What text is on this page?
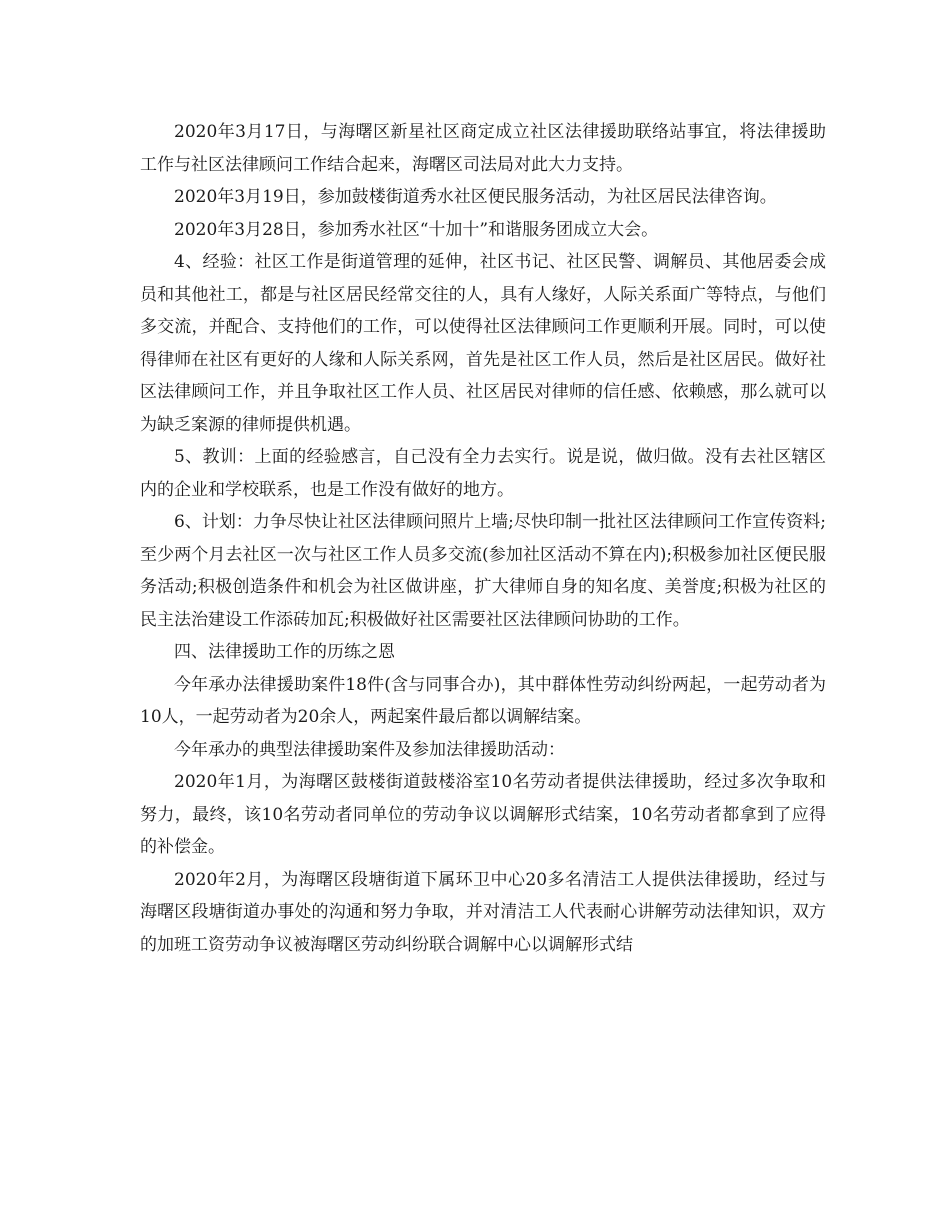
2020年3月17日，与海曙区新星社区商定成立社区法律援助联络站事宜，将法律援助工作与社区法律顾问工作结合起来，海曙区司法局对此大力支持。

2020年3月19日，参加鼓楼街道秀水社区便民服务活动，为社区居民法律咨询。

2020年3月28日，参加秀水社区“十加十”和谐服务团成立大会。

4、经验：社区工作是街道管理的延伸，社区书记、社区民警、调解员、其他居委会成员和其他社工，都是与社区居民经常交往的人，具有人缘好，人际关系面广等特点，与他们多交流，并配合、支持他们的工作，可以使得社区法律顾问工作更顺利开展。同时，可以使得律师在社区有更好的人缘和人际关系网，首先是社区工作人员，然后是社区居民。做好社区法律顾问工作，并且争取社区工作人员、社区居民对律师的信任感、依赖感，那么就可以为缺乏案源的律师提供机遇。

5、教训：上面的经验感言，自己没有全力去实行。说是说，做归做。没有去社区辖区内的企业和学校联系，也是工作没有做好的地方。

6、计划：力争尽快让社区法律顾问照片上墙;尽快印制一批社区法律顾问工作宣传资料;至少两个月去社区一次与社区工作人员多交流(参加社区活动不算在内);积极参加社区便民服务活动;积极创造条件和机会为社区做讲座，扩大律师自身的知名度、美誉度;积极为社区的民主法治建设工作添砖加瓦;积极做好社区需要社区法律顾问协助的工作。

四、法律援助工作的历练之恩

今年承办法律援助案件18件(含与同事合办)，其中群体性劳动纠纷两起，一起劳动者为10人，一起劳动者为20余人，两起案件最后都以调解结案。

今年承办的典型法律援助案件及参加法律援助活动：

2020年1月，为海曙区鼓楼街道鼓楼浴室10名劳动者提供法律援助，经过多次争取和努力，最终，该10名劳动者同单位的劳动争议以调解形式结案，10名劳动者都拿到了应得的补偿金。

2020年2月，为海曙区段塘街道下属环卫中心20多名清洁工人提供法律援助，经过与海曙区段塘街道办事处的沟通和努力争取，并对清洁工人代表耐心讲解劳动法律知识，双方的加班工资劳动争议被海曙区劳动纠纷联合调解中心以调解形式结
